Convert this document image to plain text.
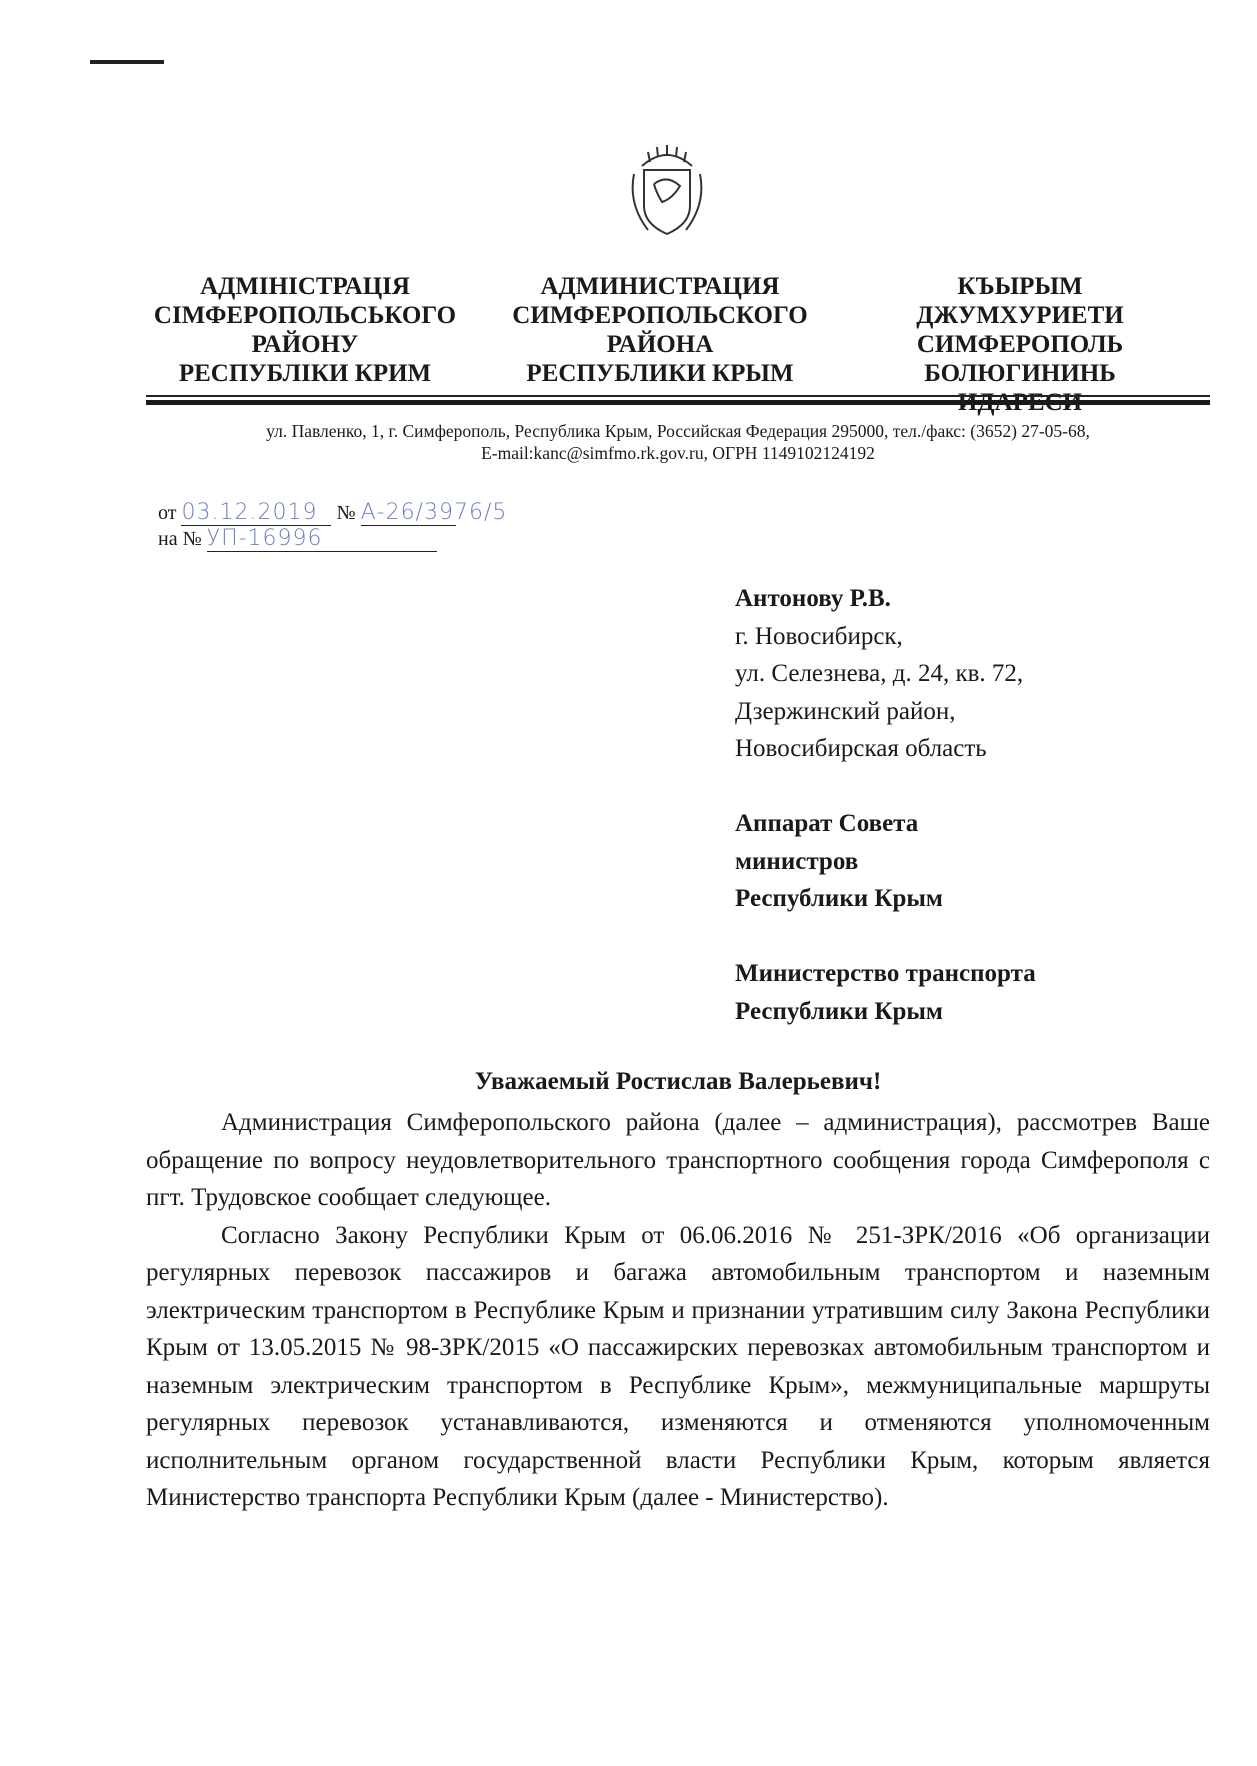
АДМІНІСТРАЦІЯ
СІМФЕРОПОЛЬСЬКОГО
РАЙОНУ
РЕСПУБЛІКИ КРИМ
АДМИНИСТРАЦИЯ
СИМФЕРОПОЛЬСКОГО
РАЙОНА
РЕСПУБЛИКИ КРЫМ
КЪЫРЫМ ДЖУМХУРИЕТИ
СИМФЕРОПОЛЬ
БОЛЮГИНИНЬ
ул. Павленко, 1, г. Симферополь, Республика Крым, Российская Федерация 295000, тел./факс: (3652) 27-05-68,
E-mail:kanc@simfmo.rk.gov.ru, ОГРН 1149102124192
от 03.12.2019 № А-26/3976/5
на № УП-16996
Антонову Р.В.
г. Новосибирск,
ул. Селезнева, д. 24, кв. 72,
Дзержинский район,
Новосибирская область
Аппарат Совета
министров
Республики Крым
Министерство транспорта
Республики Крым
Уважаемый Ростислав Валерьевич!

Администрация Симферопольского района (далее – администрация), рассмотрев Ваше обращение по вопросу неудовлетворительного транспортного сообщения города Симферополя с пгт. Трудовское сообщает следующее.

Согласно Закону Республики Крым от 06.06.2016 № 251-ЗРК/2016 «Об организации регулярных перевозок пассажиров и багажа автомобильным транспортом и наземным электрическим транспортом в Республике Крым и признании утратившим силу Закона Республики Крым от 13.05.2015 № 98-ЗРК/2015 «О пассажирских перевозках автомобильным транспортом и наземным электрическим транспортом в Республике Крым», межмуниципальные маршруты регулярных перевозок устанавливаются, изменяются и отменяются уполномоченным исполнительным органом государственной власти Республики Крым, которым является Министерство транспорта Республики Крым (далее - Министерство).
